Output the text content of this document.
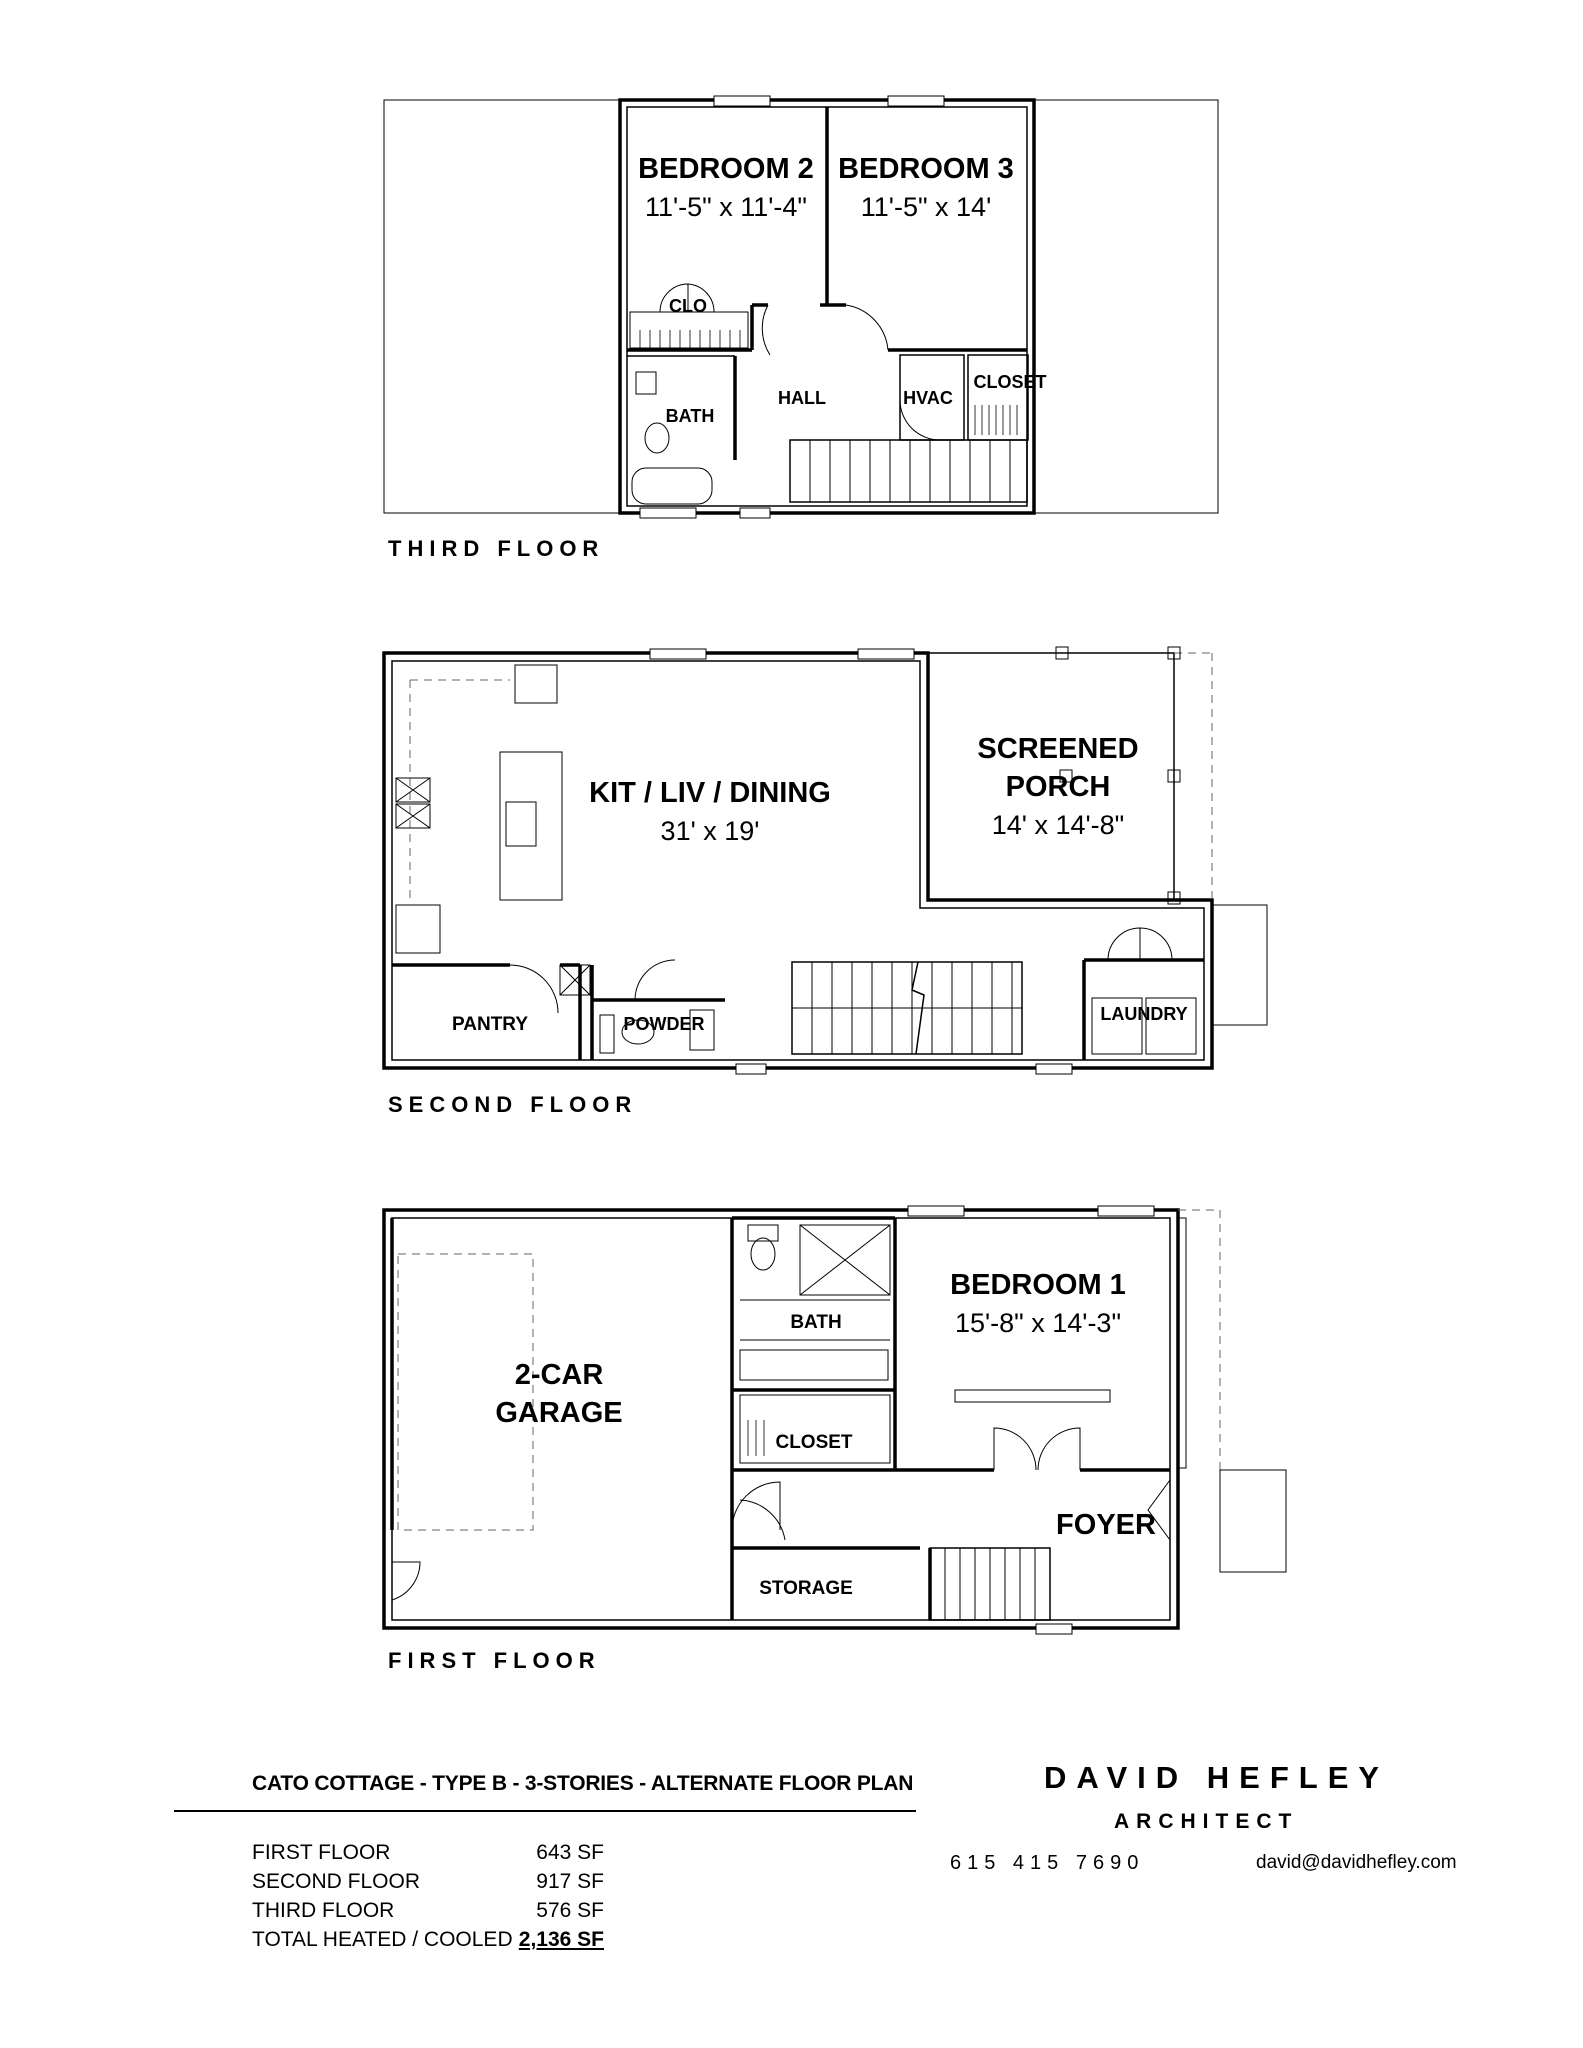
BEDROOM 2
11'-5" x 11'-4"
BEDROOM 3
11'-5" x 14'
CLO
BATH
HALL	HVAC
CLOSET
THIRD FLOOR
KIT / LIV / DINING
31' x 19'
SCREENED
PORCH
14' x 14'-8"
PANTRY	POWDER	LAUNDRY
SECOND FLOOR
2-CAR
GARAGE
BEDROOM 1
15'-8" x 14'-3"
BATH
CLOSET
FOYER
STORAGE
FIRST FLOOR
CATO COTTAGE - TYPE B - 3-STORIES - ALTERNATE FLOOR PLAN
FIRST FLOOR	643 SF
SECOND FLOOR	917 SF
THIRD FLOOR	576 SF
TOTAL HEATED / COOLED 2,136 SF
DAVID HEFLEY
ARCHITECT
615 415 7690	david@davidhefley.com
